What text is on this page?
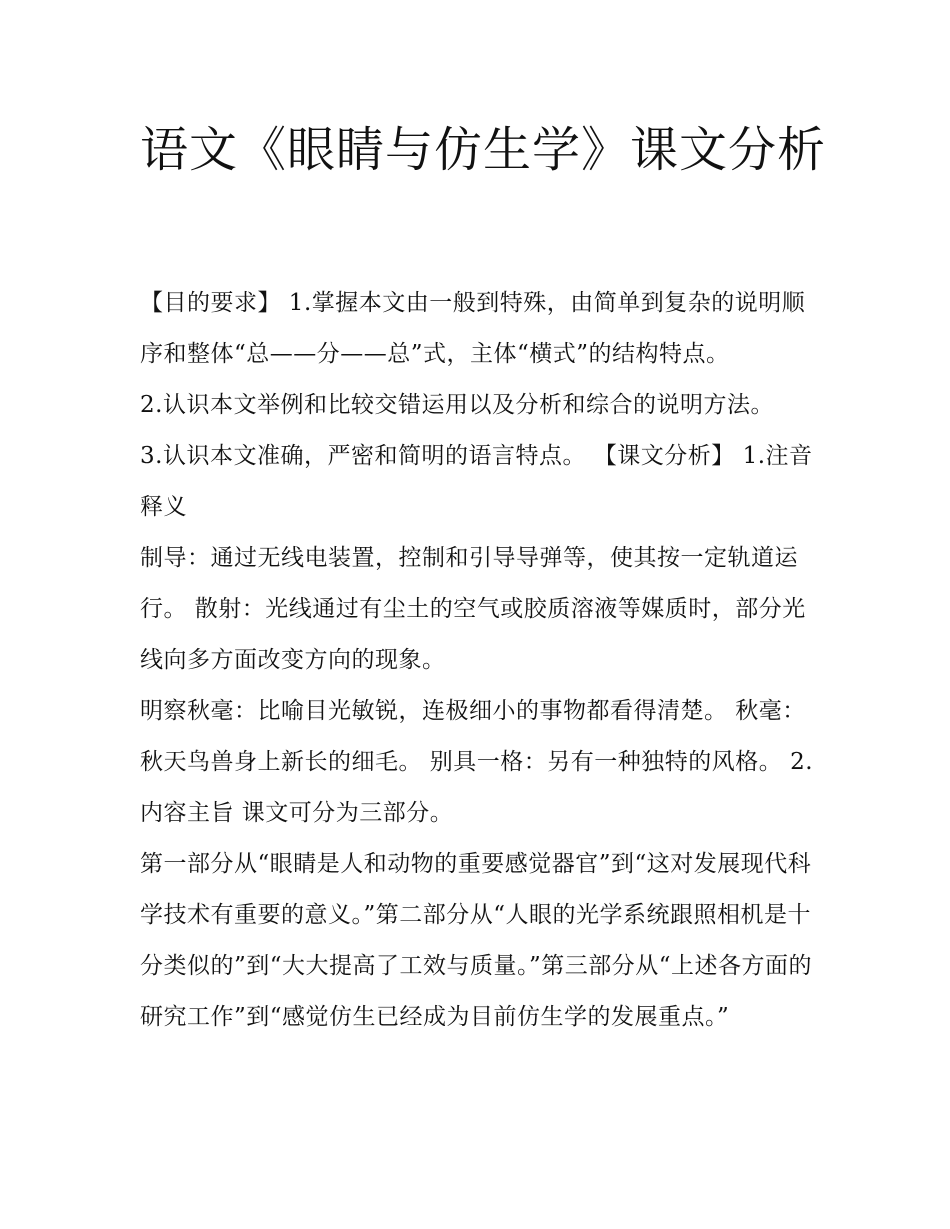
语文《眼睛与仿生学》课文分析

【目的要求】 1.掌握本文由一般到特殊，由简单到复杂的说明顺序和整体“总——分——总”式，主体“横式”的结构特点。

2.认识本文举例和比较交错运用以及分析和综合的说明方法。

3.认识本文准确，严密和简明的语言特点。 【课文分析】 1.注音释义

制导：通过无线电装置，控制和引导导弹等，使其按一定轨道运行。 散射：光线通过有尘土的空气或胶质溶液等媒质时，部分光线向多方面改变方向的现象。

明察秋毫：比喻目光敏锐，连极细小的事物都看得清楚。 秋毫：秋天鸟兽身上新长的细毛。 别具一格：另有一种独特的风格。 2.内容主旨 课文可分为三部分。

第一部分从“眼睛是人和动物的重要感觉器官”到“这对发展现代科学技术有重要的意义。”第二部分从“人眼的光学系统跟照相机是十分类似的”到“大大提高了工效与质量。”第三部分从“上述各方面的研究工作”到“感觉仿生已经成为目前仿生学的发展重点。”
